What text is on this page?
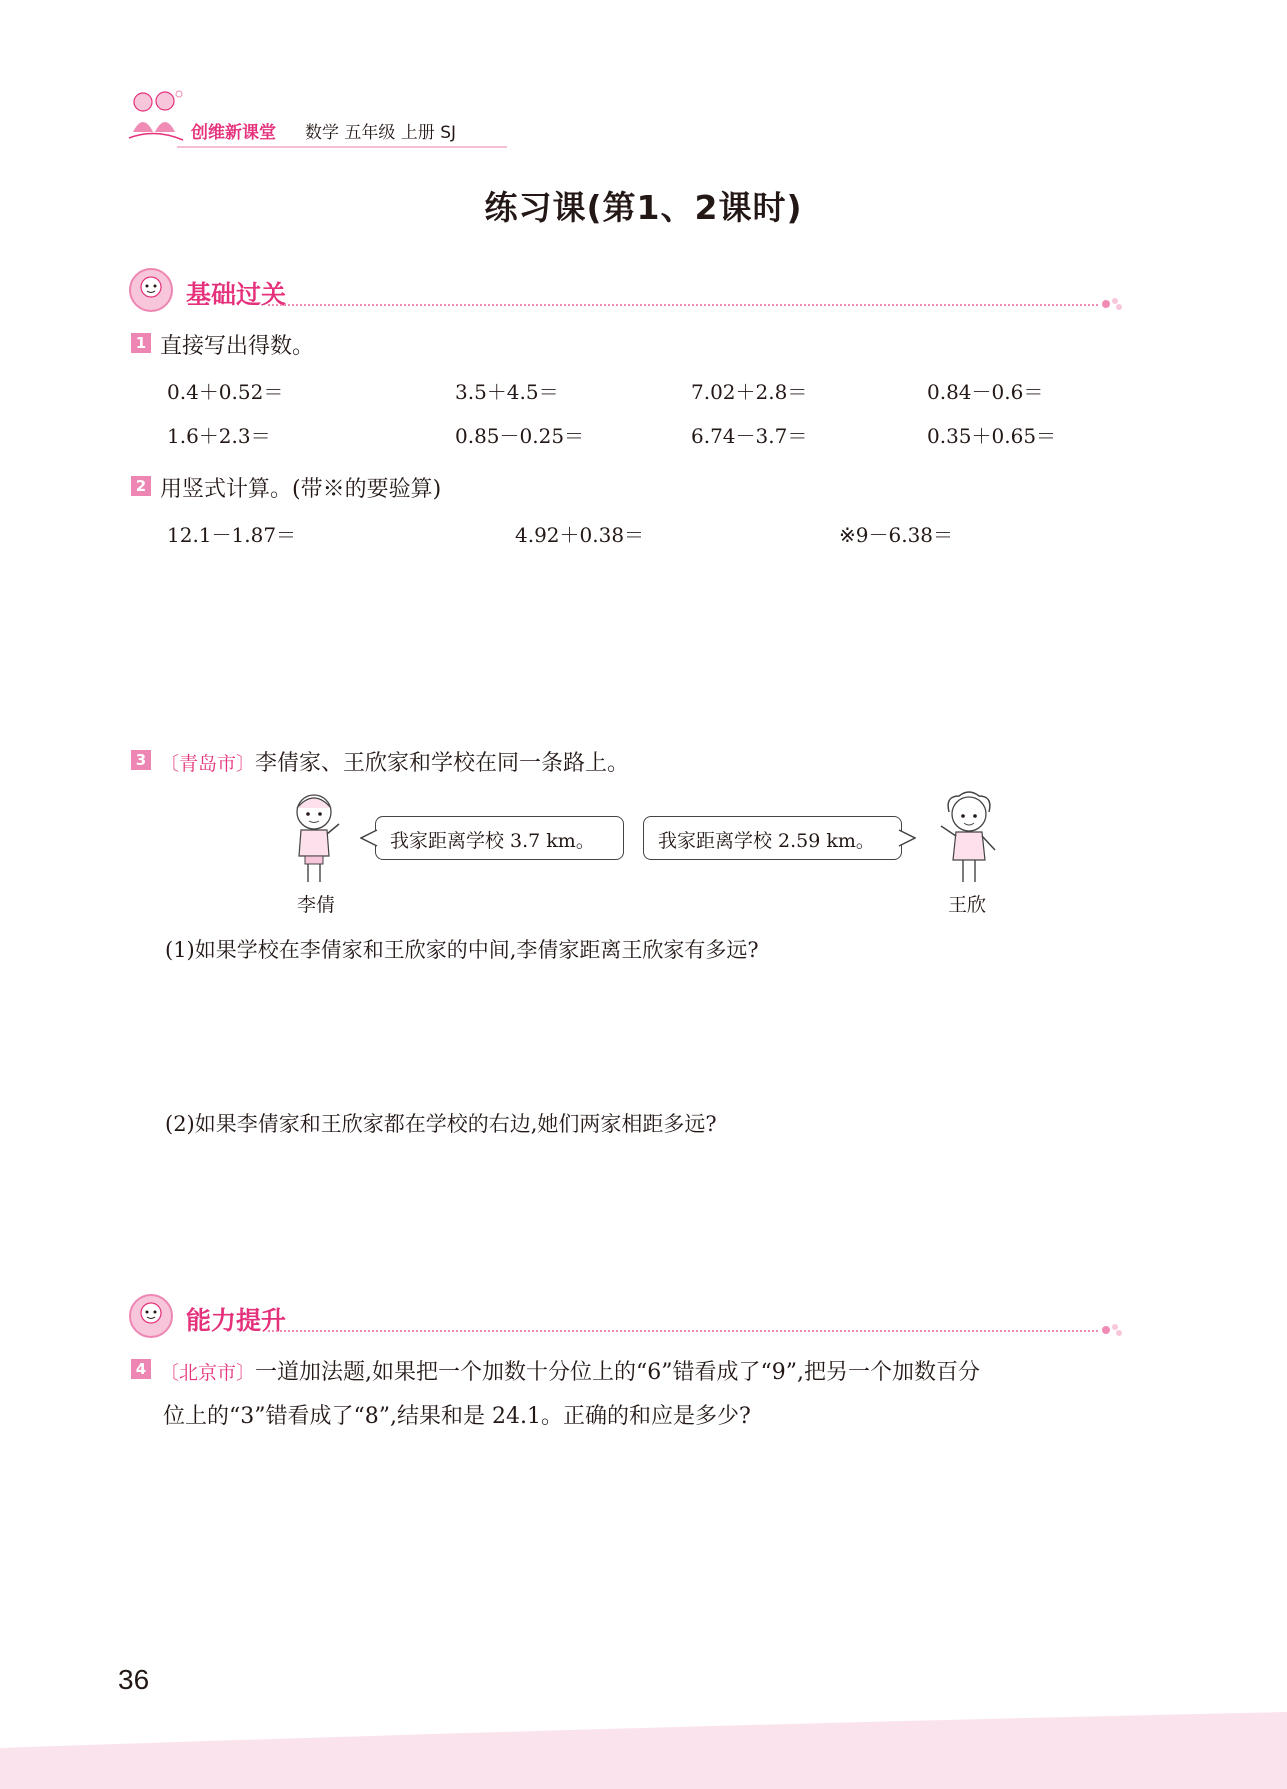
创维新课堂 数学 五年级 上册 SJ
练习课(第1、2课时)
基础过关
1 直接写出得数。
0.4＋0.52＝	3.5＋4.5＝	7.02＋2.8＝	0.84－0.6＝
1.6＋2.3＝	0.85－0.25＝	6.74－3.7＝	0.35＋0.65＝
2 用竖式计算。(带※的要验算)
12.1－1.87＝	4.92＋0.38＝	※9－6.38＝
3 〔青岛市〕李倩家、王欣家和学校在同一条路上。
我家距离学校 3.7 km。	我家距离学校 2.59 km。
李倩	王欣
(1)如果学校在李倩家和王欣家的中间,李倩家距离王欣家有多远?
(2)如果李倩家和王欣家都在学校的右边,她们两家相距多远?
能力提升
4 〔北京市〕一道加法题,如果把一个加数十分位上的“6”错看成了“9”,把另一个加数百分
位上的“3”错看成了“8”,结果和是 24.1。正确的和应是多少?
36
